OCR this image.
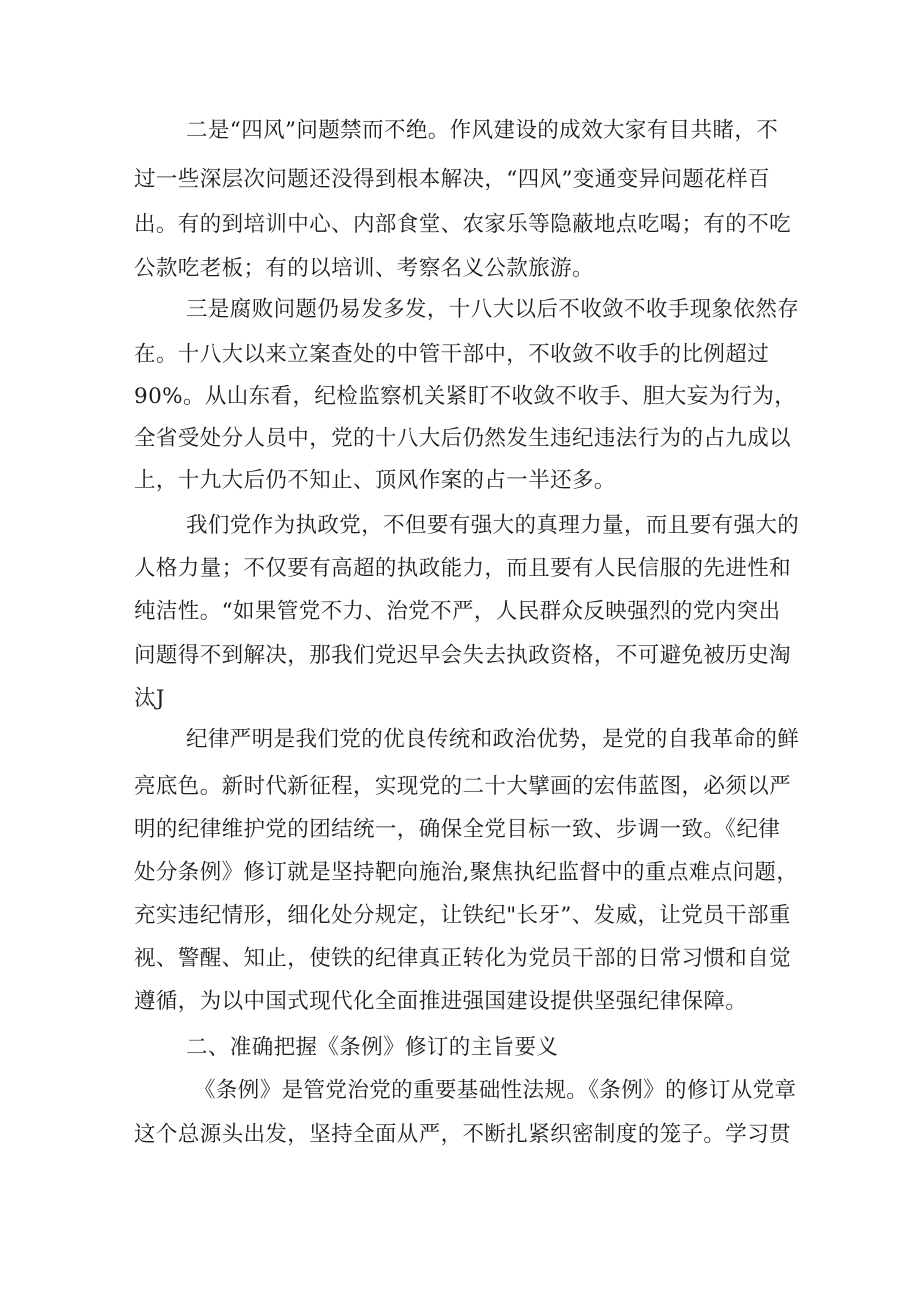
二是“四风”问题禁而不绝。作风建设的成效大家有目共睹，不
过一些深层次问题还没得到根本解决，“四风”变通变异问题花样百
出。有的到培训中心、内部食堂、农家乐等隐蔽地点吃喝；有的不吃
公款吃老板；有的以培训、考察名义公款旅游。
三是腐败问题仍易发多发，十八大以后不收敛不收手现象依然存
在。十八大以来立案查处的中管干部中，不收敛不收手的比例超过
90%。从山东看，纪检监察机关紧盯不收敛不收手、胆大妄为行为，
全省受处分人员中，党的十八大后仍然发生违纪违法行为的占九成以
上，十九大后仍不知止、顶风作案的占一半还多。
我们党作为执政党，不但要有强大的真理力量，而且要有强大的
人格力量；不仅要有高超的执政能力，而且要有人民信服的先进性和
纯洁性。“如果管党不力、治党不严，人民群众反映强烈的党内突出
问题得不到解决，那我们党迟早会失去执政资格，不可避免被历史淘
汰J
纪律严明是我们党的优良传统和政治优势，是党的自我革命的鲜
亮底色。新时代新征程，实现党的二十大擘画的宏伟蓝图，必须以严
明的纪律维护党的团结统一，确保全党目标一致、步调一致。《纪律
处分条例》修订就是坚持靶向施治,聚焦执纪监督中的重点难点问题，
充实违纪情形，细化处分规定，让铁纪"长牙”、发威，让党员干部重
视、警醒、知止，使铁的纪律真正转化为党员干部的日常习惯和自觉
遵循，为以中国式现代化全面推进强国建设提供坚强纪律保障。
二、准确把握《条例》修订的主旨要义
《条例》是管党治党的重要基础性法规。《条例》的修订从党章
这个总源头出发，坚持全面从严，不断扎紧织密制度的笼子。学习贯
